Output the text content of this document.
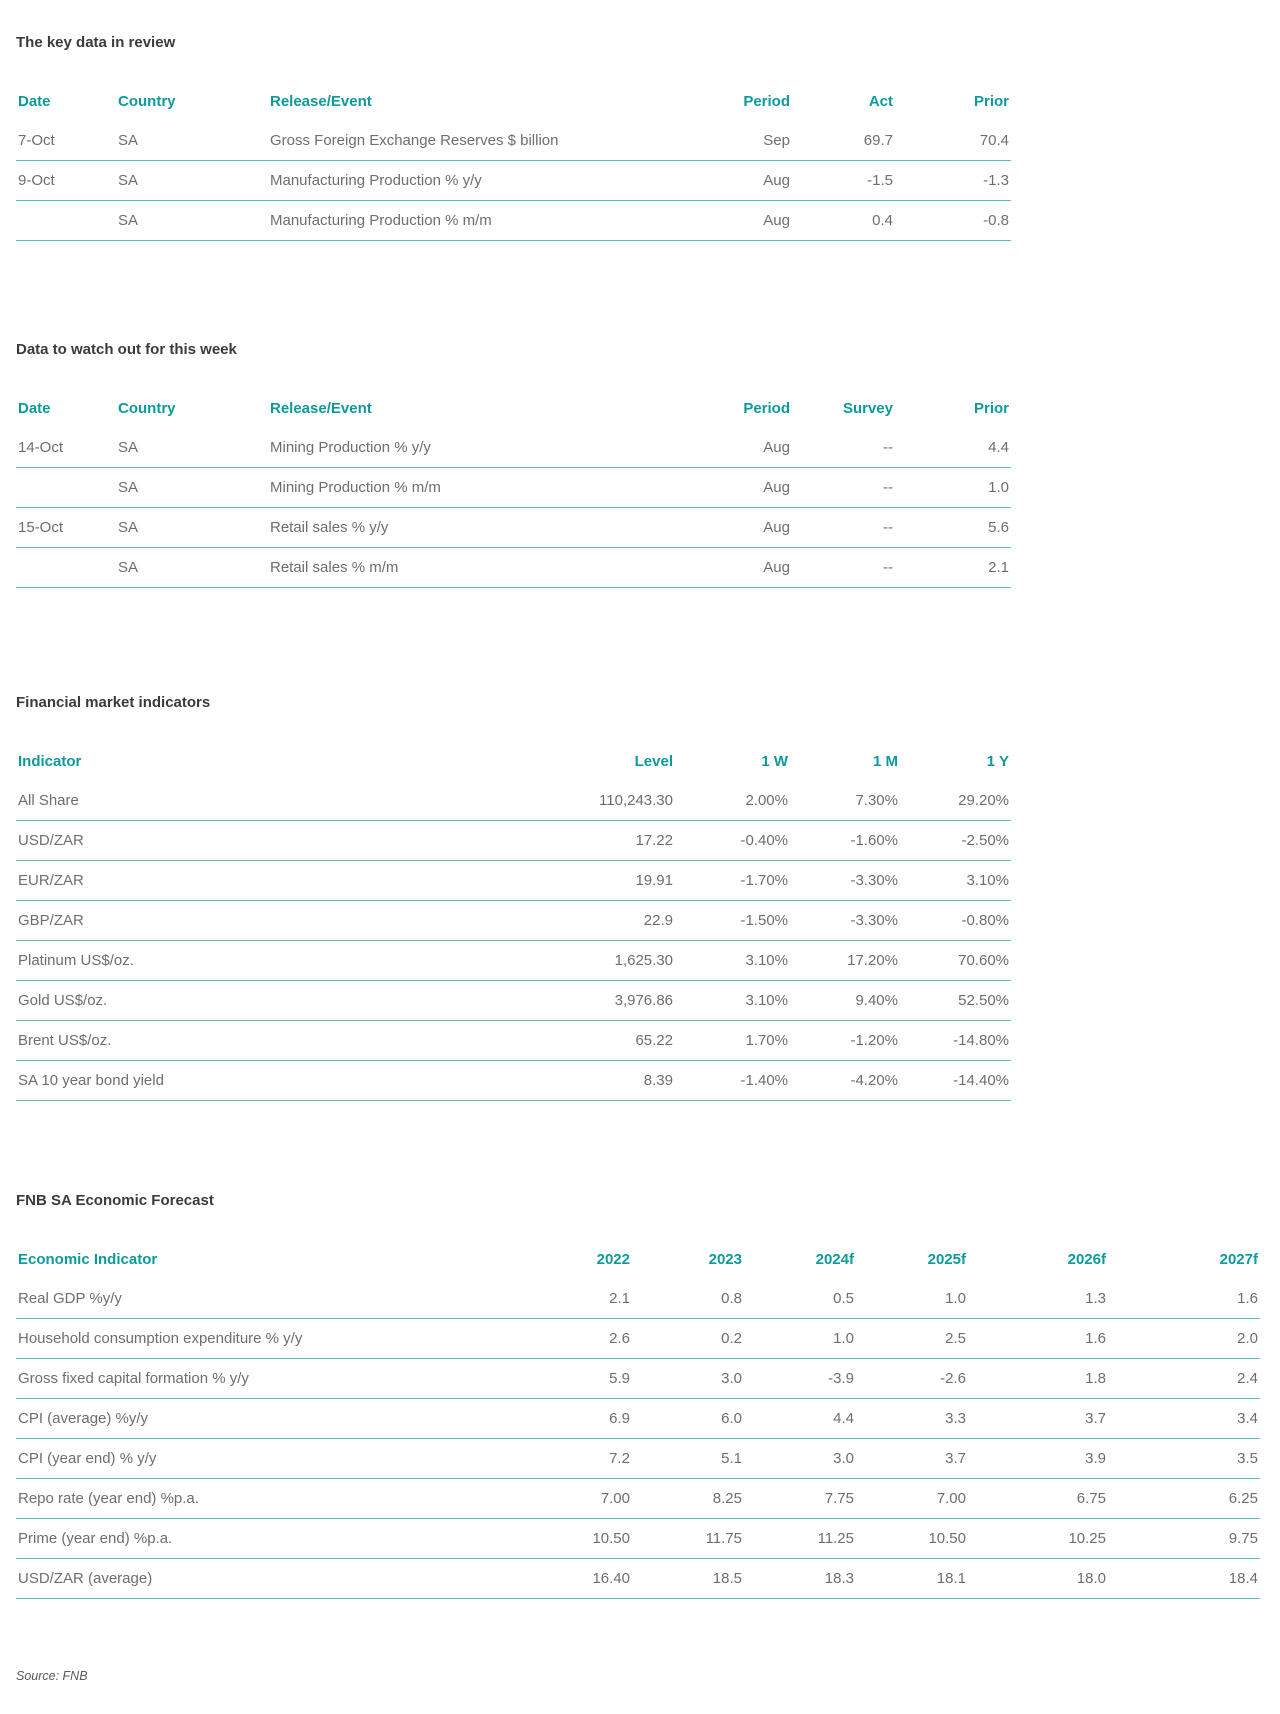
The key data in review
Date	Country	Release/Event	Period	Act	Prior
7-Oct	SA	Gross Foreign Exchange Reserves $ billion	Sep	69.7	70.4
9-Oct	SA	Manufacturing Production % y/y	Aug	-1.5	-1.3
	SA	Manufacturing Production % m/m	Aug	0.4	-0.8
Data to watch out for this week
Date	Country	Release/Event	Period	Survey	Prior
14-Oct	SA	Mining Production % y/y	Aug	--	4.4
	SA	Mining Production % m/m	Aug	--	1.0
15-Oct	SA	Retail sales % y/y	Aug	--	5.6
	SA	Retail sales % m/m	Aug	--	2.1
Financial market indicators
Indicator	Level	1 W	1 M	1 Y
All Share	110,243.30	2.00%	7.30%	29.20%
USD/ZAR	17.22	-0.40%	-1.60%	-2.50%
EUR/ZAR	19.91	-1.70%	-3.30%	3.10%
GBP/ZAR	22.9	-1.50%	-3.30%	-0.80%
Platinum US$/oz.	1,625.30	3.10%	17.20%	70.60%
Gold US$/oz.	3,976.86	3.10%	9.40%	52.50%
Brent US$/oz.	65.22	1.70%	-1.20%	-14.80%
SA 10 year bond yield	8.39	-1.40%	-4.20%	-14.40%
FNB SA Economic Forecast
Economic Indicator	2022	2023	2024f	2025f	2026f	2027f
Real GDP %y/y	2.1	0.8	0.5	1.0	1.3	1.6
Household consumption expenditure % y/y	2.6	0.2	1.0	2.5	1.6	2.0
Gross fixed capital formation % y/y	5.9	3.0	-3.9	-2.6	1.8	2.4
CPI (average) %y/y	6.9	6.0	4.4	3.3	3.7	3.4
CPI (year end) % y/y	7.2	5.1	3.0	3.7	3.9	3.5
Repo rate (year end) %p.a.	7.00	8.25	7.75	7.00	6.75	6.25
Prime (year end) %p.a.	10.50	11.75	11.25	10.50	10.25	9.75
USD/ZAR (average)	16.40	18.5	18.3	18.1	18.0	18.4

Source: FNB
